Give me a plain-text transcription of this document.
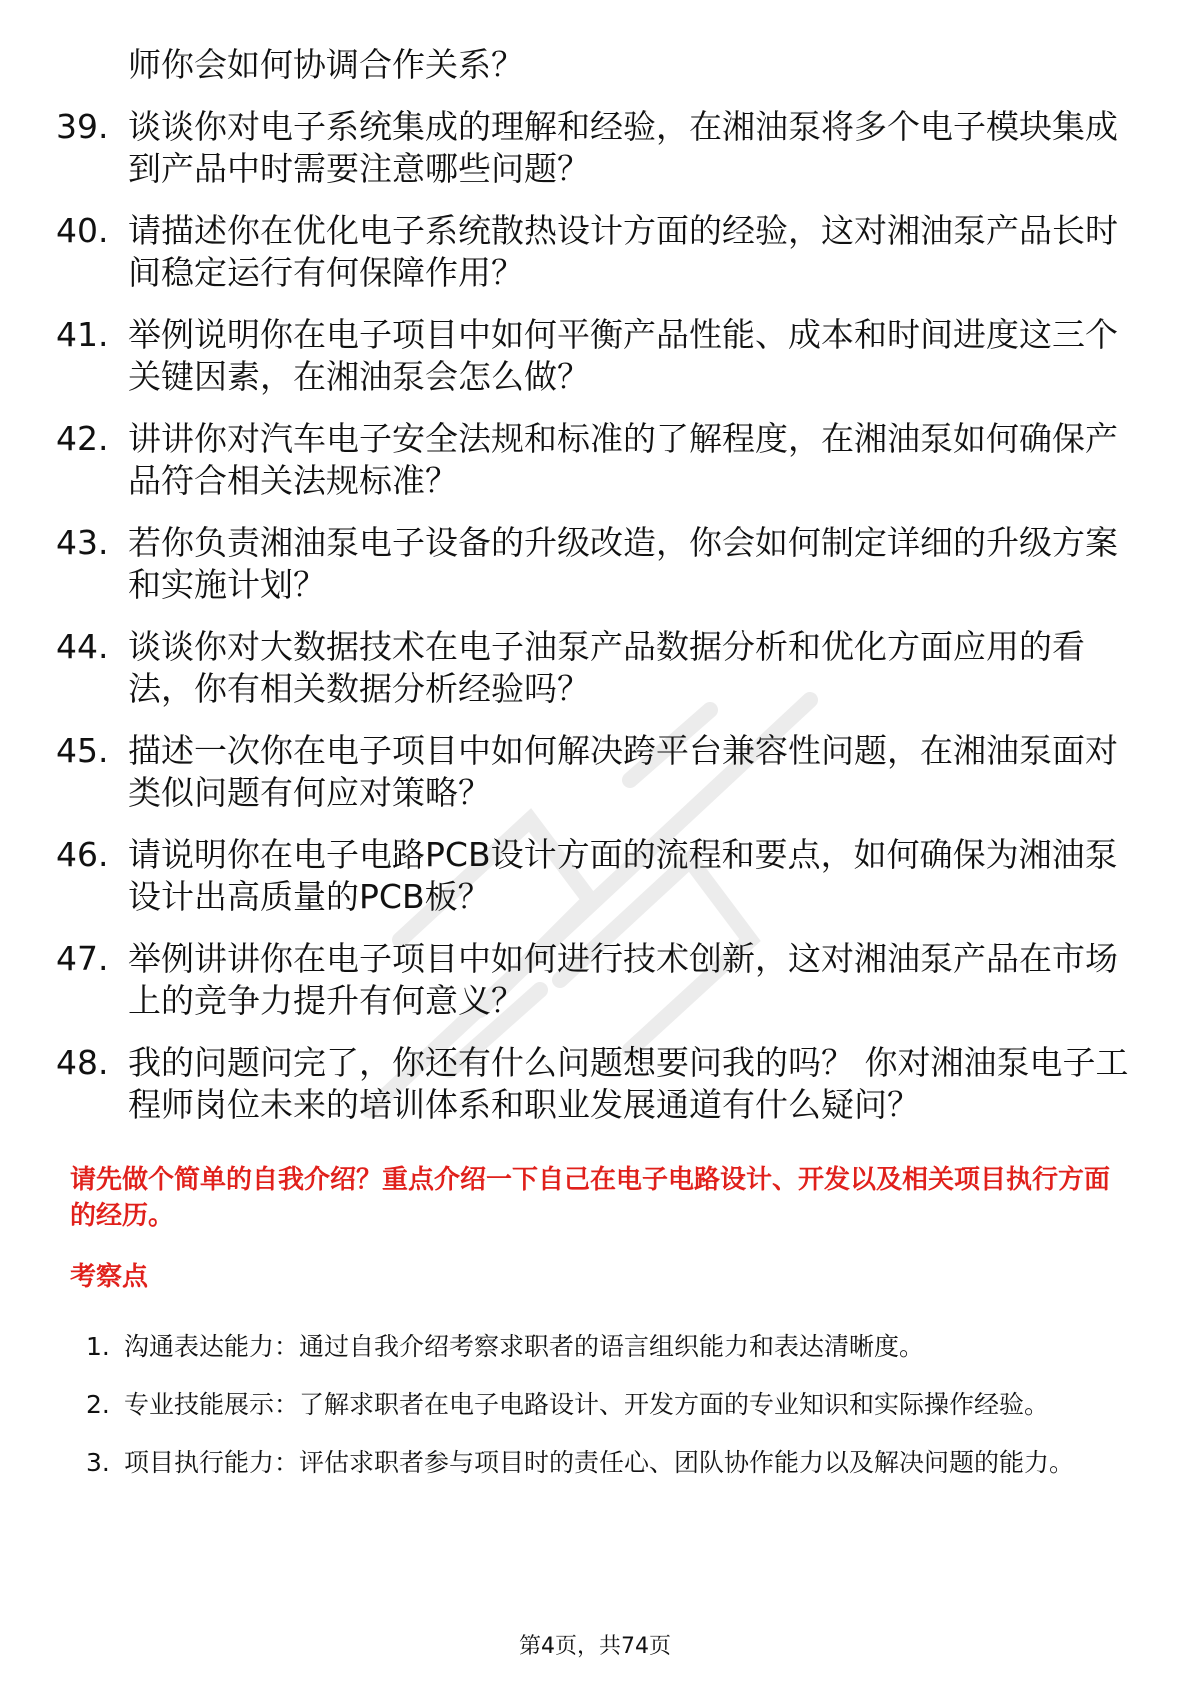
师你会如何协调合作关系？
39. 谈谈你对电子系统集成的理解和经验，在湘油泵将多个电子模块集成到产品中时需要注意哪些问题？
40. 请描述你在优化电子系统散热设计方面的经验，这对湘油泵产品长时间稳定运行有何保障作用？
41. 举例说明你在电子项目中如何平衡产品性能、成本和时间进度这三个关键因素，在湘油泵会怎么做？
42. 讲讲你对汽车电子安全法规和标准的了解程度，在湘油泵如何确保产品符合相关法规标准？
43. 若你负责湘油泵电子设备的升级改造，你会如何制定详细的升级方案和实施计划？
44. 谈谈你对大数据技术在电子油泵产品数据分析和优化方面应用的看法，你有相关数据分析经验吗？
45. 描述一次你在电子项目中如何解决跨平台兼容性问题，在湘油泵面对类似问题有何应对策略？
46. 请说明你在电子电路PCB设计方面的流程和要点，如何确保为湘油泵设计出高质量的PCB板？
47. 举例讲讲你在电子项目中如何进行技术创新，这对湘油泵产品在市场上的竞争力提升有何意义？
48. 我的问题问完了，你还有什么问题想要问我的吗？ 你对湘油泵电子工程师岗位未来的培训体系和职业发展通道有什么疑问？

请先做个简单的自我介绍？重点介绍一下自己在电子电路设计、开发以及相关项目执行方面的经历。

考察点

1. 沟通表达能力：通过自我介绍考察求职者的语言组织能力和表达清晰度。
2. 专业技能展示：了解求职者在电子电路设计、开发方面的专业知识和实际操作经验。
3. 项目执行能力：评估求职者参与项目时的责任心、团队协作能力以及解决问题的能力。
第4页，共74页
